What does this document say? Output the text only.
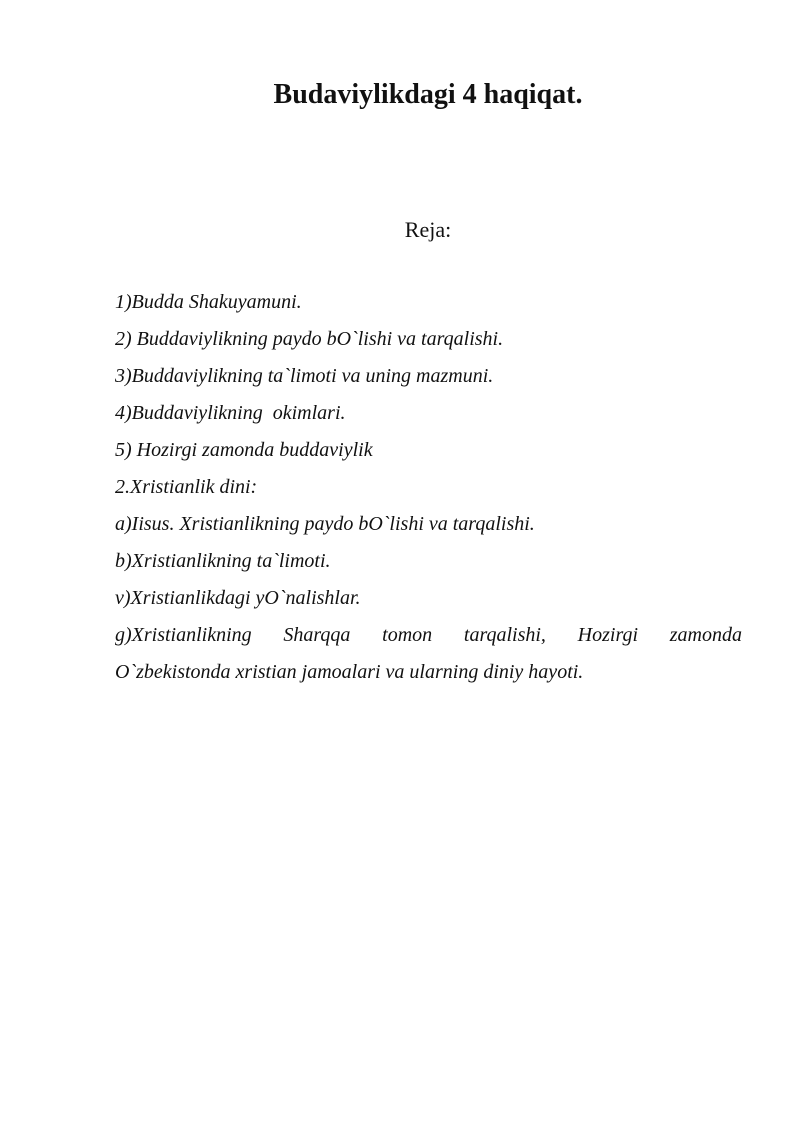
Budaviylikdagi 4 haqiqat.

Reja:

1)Budda Shakuyamuni.
2) Buddaviylikning paydo bO`lishi va tarqalishi.
3)Buddaviylikning ta`limoti va uning mazmuni.
4)Buddaviylikning  okimlari.
5) Hozirgi zamonda buddaviylik
2.Xristianlik dini:
a)Iisus. Xristianlikning paydo bO`lishi va tarqalishi.
b)Xristianlikning ta`limoti.
v)Xristianlikdagi yO`nalishlar.
g)Xristianlikning Sharqqa tomon tarqalishi, Hozirgi zamonda
O`zbekistonda xristian jamoalari va ularning diniy hayoti.
